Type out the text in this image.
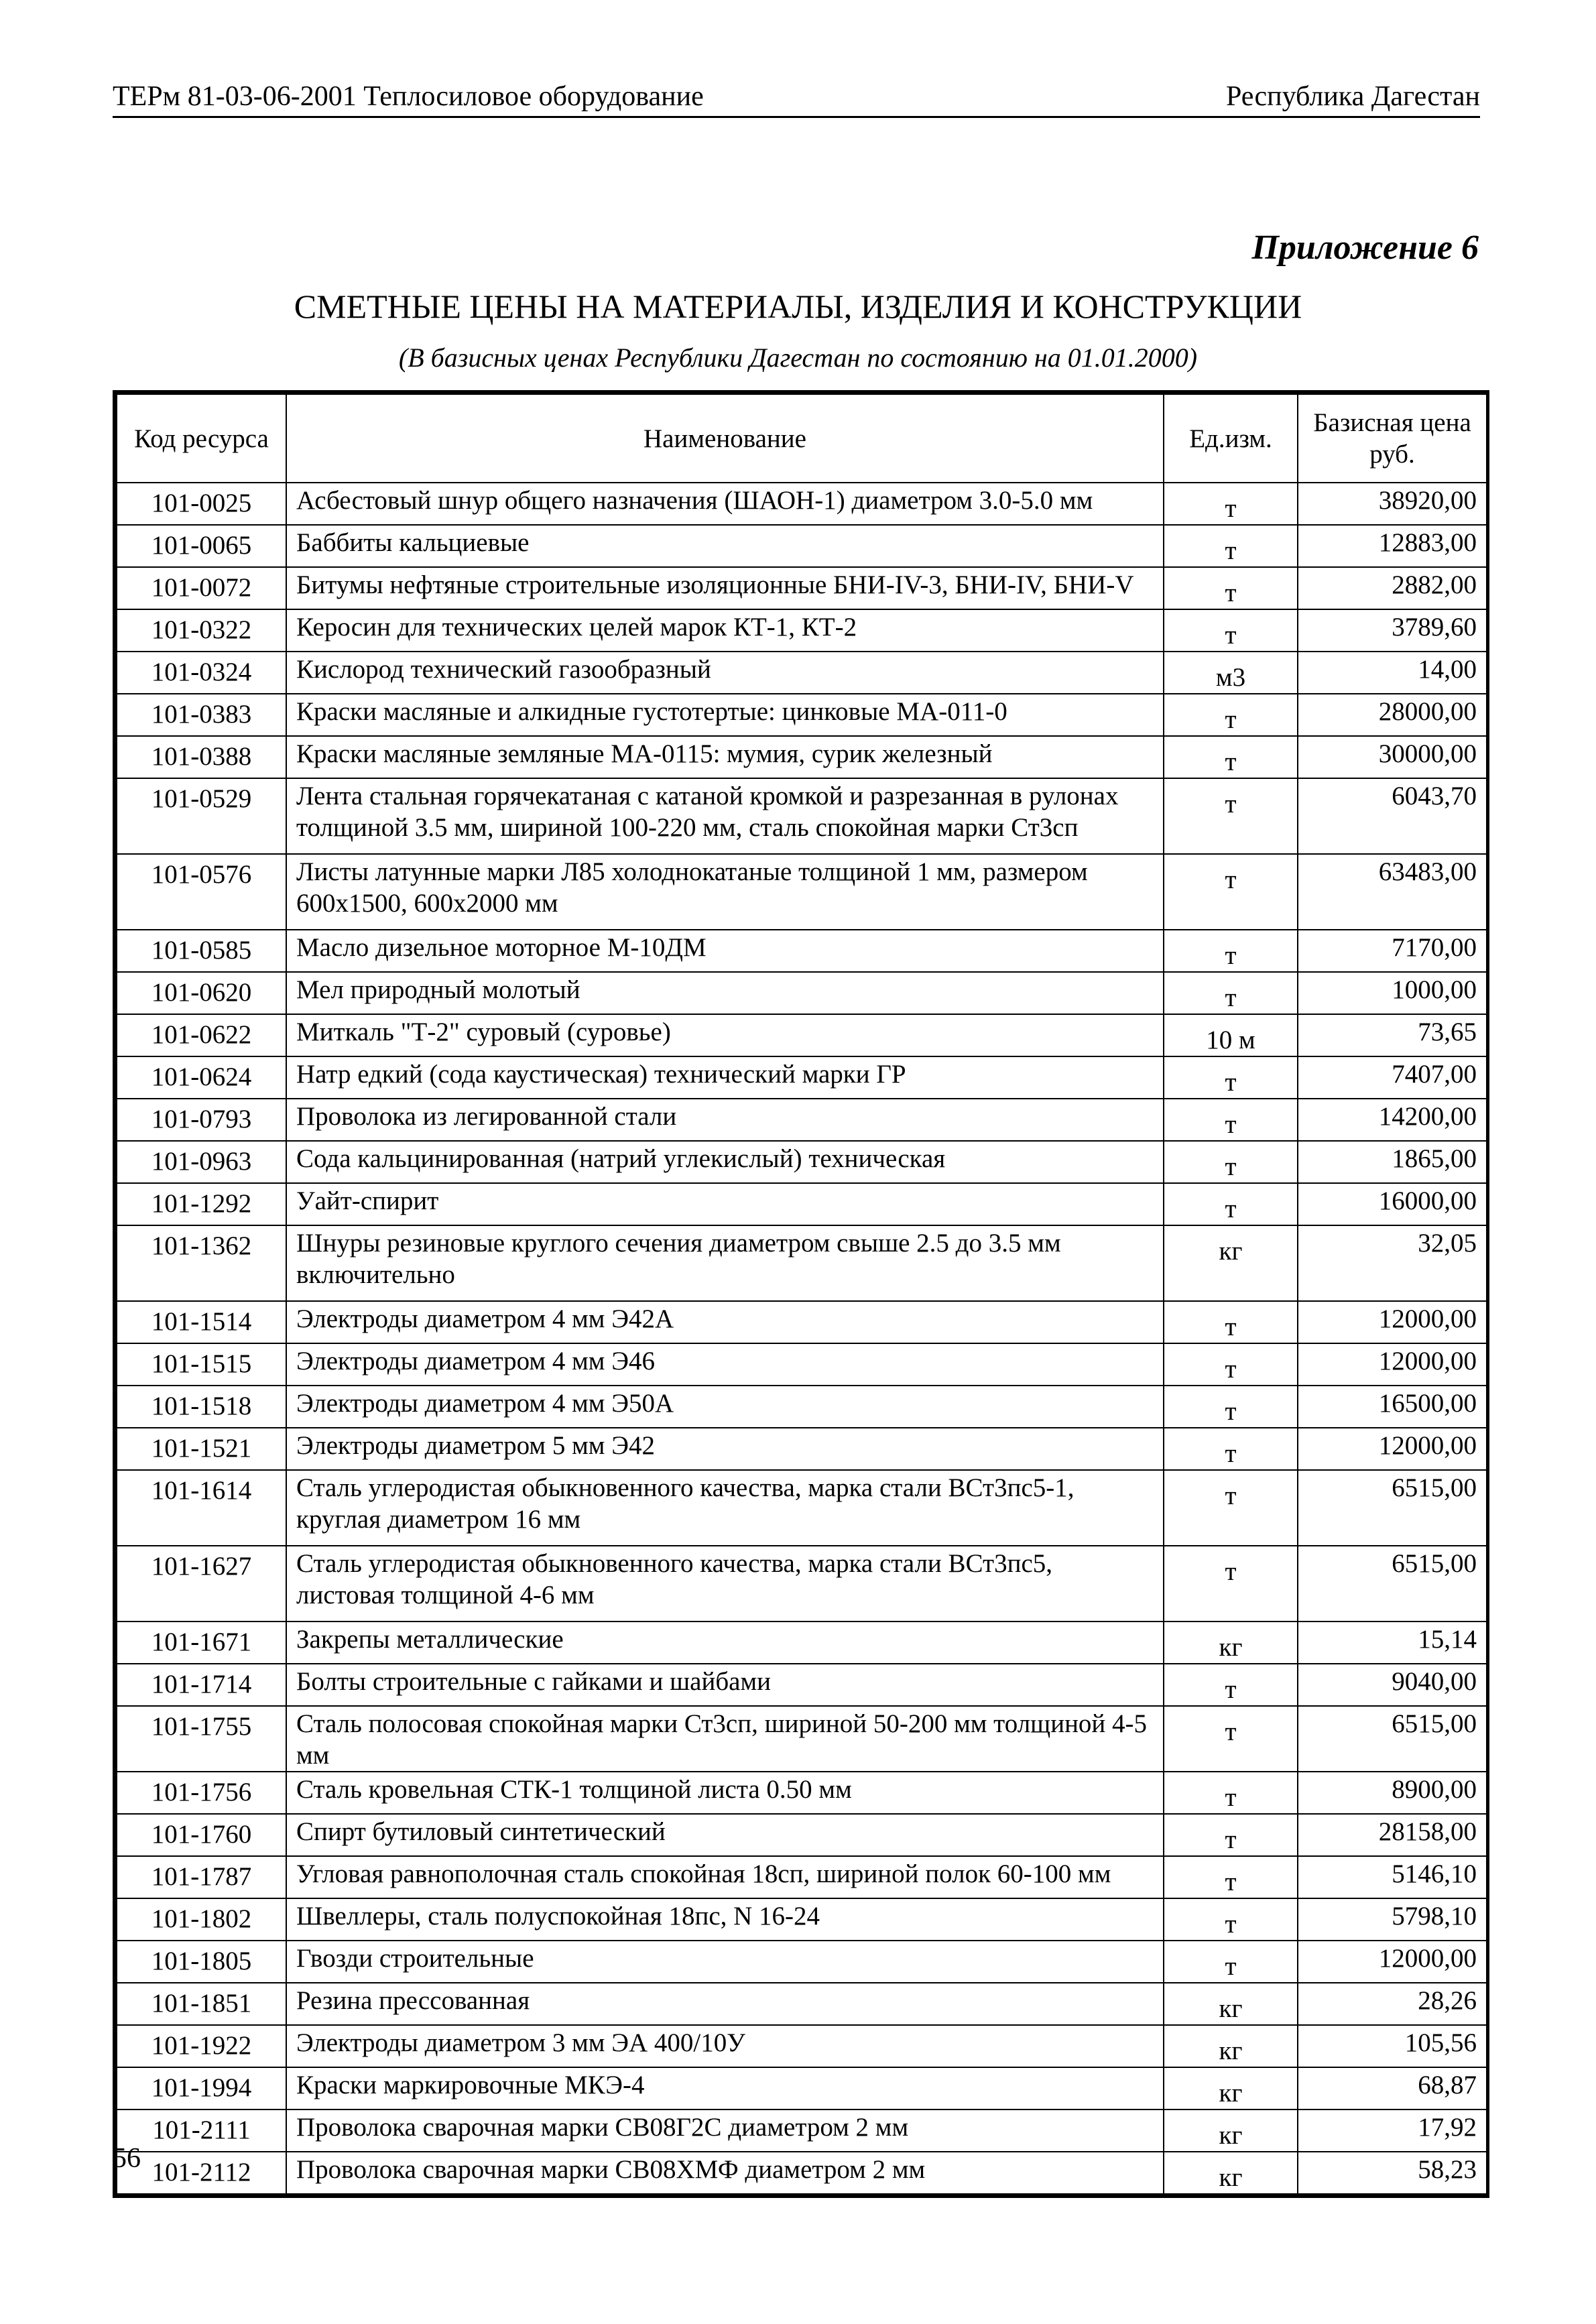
ТЕРм 81-03-06-2001 Теплосиловое оборудование	Республика Дагестан
Приложение 6
СМЕТНЫЕ ЦЕНЫ НА МАТЕРИАЛЫ, ИЗДЕЛИЯ И КОНСТРУКЦИИ
(В базисных ценах Республики Дагестан по состоянию на 01.01.2000)
Код ресурса	Наименование	Ед.изм.	Базисная цена
руб.

101-0025	Асбестовый шнур общего назначения (ШАОН-1) диаметром 3.0-5.0 мм	т	38920,00
101-0065	Баббиты кальциевые	т	12883,00
101-0072	Битумы нефтяные строительные изоляционные БНИ-IV-3, БНИ-IV, БНИ-V	т	2882,00
101-0322	Керосин для технических целей марок КТ-1, КТ-2	т	3789,60
101-0324	Кислород технический газообразный	м3	14,00
101-0383	Краски масляные и алкидные густотертые: цинковые МА-011-0	т	28000,00
101-0388	Краски масляные земляные МА-0115: мумия, сурик железный	т	30000,00
101-0529	Лента стальная горячекатаная с катаной кромкой и разрезанная в рулонах толщиной 3.5 мм, шириной 100-220 мм, сталь спокойная марки Ст3сп	т	6043,70
101-0576	Листы латунные марки Л85 холоднокатаные толщиной 1 мм, размером 600x1500, 600x2000 мм	т	63483,00
101-0585	Масло дизельное моторное М-10ДМ	т	7170,00
101-0620	Мел природный молотый	т	1000,00
101-0622	Миткаль "Т-2" суровый (суровье)	10 м	73,65
101-0624	Натр едкий (сода каустическая) технический марки ГР	т	7407,00
101-0793	Проволока из легированной стали	т	14200,00
101-0963	Сода кальцинированная (натрий углекислый) техническая	т	1865,00
101-1292	Уайт-спирит	т	16000,00
101-1362	Шнуры резиновые круглого сечения диаметром свыше 2.5 до 3.5 мм включительно	кг	32,05
101-1514	Электроды диаметром 4 мм Э42А	т	12000,00
101-1515	Электроды диаметром 4 мм Э46	т	12000,00
101-1518	Электроды диаметром 4 мм Э50А	т	16500,00
101-1521	Электроды диаметром 5 мм Э42	т	12000,00
101-1614	Сталь углеродистая обыкновенного качества, марка стали ВСт3пс5-1, круглая диаметром 16 мм	т	6515,00
101-1627	Сталь углеродистая обыкновенного качества, марка стали ВСт3пс5, листовая толщиной 4-6 мм	т	6515,00
101-1671	Закрепы металлические	кг	15,14
101-1714	Болты строительные с гайками и шайбами	т	9040,00
101-1755	Сталь полосовая спокойная марки Ст3сп, шириной 50-200 мм толщиной 4-5 мм	т	6515,00
101-1756	Сталь кровельная СТК-1 толщиной листа 0.50 мм	т	8900,00
101-1760	Спирт бутиловый синтетический	т	28158,00
101-1787	Угловая равнополочная сталь спокойная 18сп, шириной полок 60-100 мм	т	5146,10
101-1802	Швеллеры, сталь полуспокойная 18пс, N 16-24	т	5798,10
101-1805	Гвозди строительные	т	12000,00
101-1851	Резина прессованная	кг	28,26
101-1922	Электроды диаметром 3 мм ЭА 400/10У	кг	105,56
101-1994	Краски маркировочные МКЭ-4	кг	68,87
101-2111	Проволока сварочная марки СВ08Г2С диаметром 2 мм	кг	17,92
101-2112	Проволока сварочная марки СВ08ХМФ диаметром 2 мм	кг	58,23
56
